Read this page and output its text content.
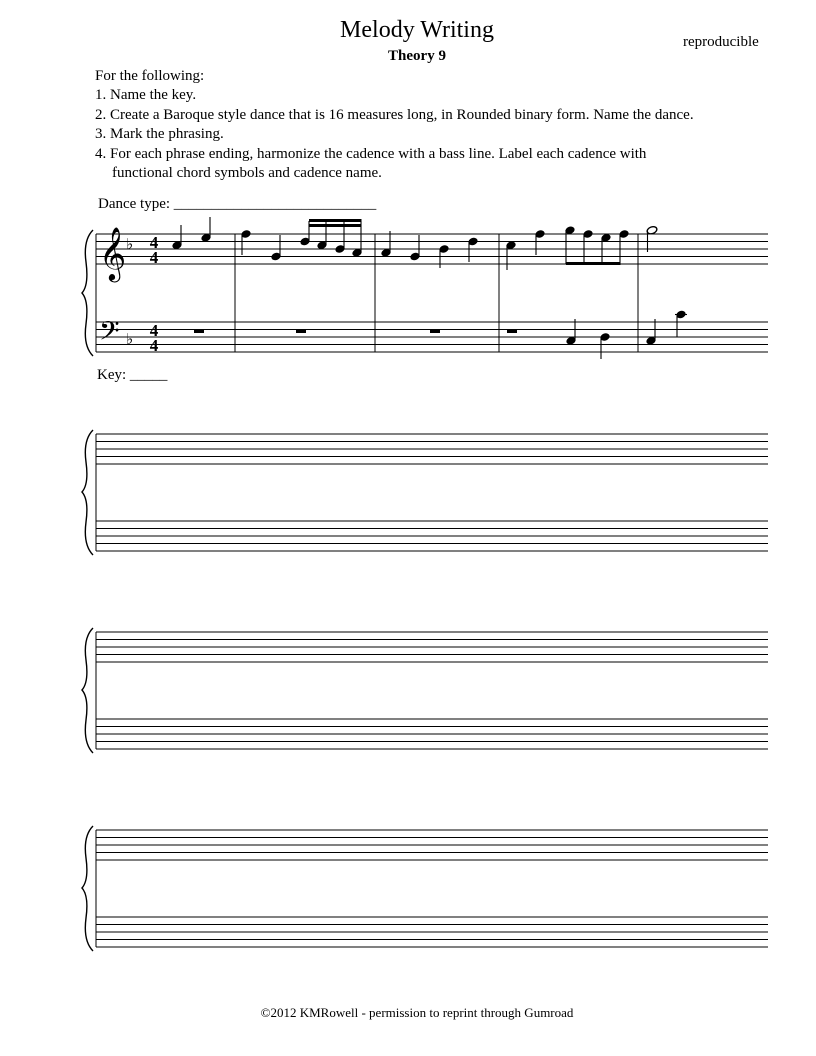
Melody Writing
Theory 9
reproducible
For the following:
1. Name the key.
2. Create a Baroque style dance that is 16 measures long, in Rounded binary form. Name the dance.
3. Mark the phrasing.
4. For each phrase ending, harmonize the cadence with a bass line. Label each cadence with
functional chord symbols and cadence name.
Dance type: ___________________________
𝄞
𝄢
♭
♭
4
4
4
4
Key: _____
©2012 KMRowell - permission to reprint through Gumroad
